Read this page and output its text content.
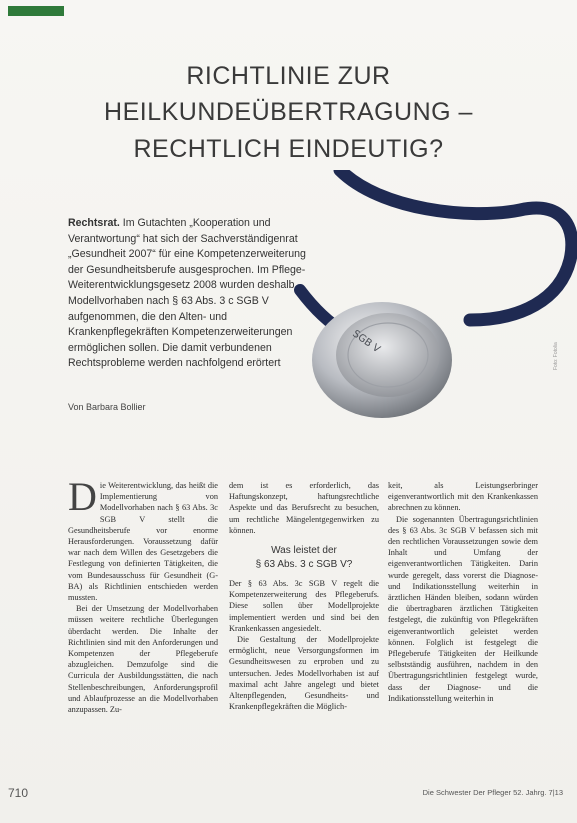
RICHTLINIE ZUR
HEILKUNDEÜBERTRAGUNG –
RECHTLICH EINDEUTIG?
SGB V
Rechtsrat. Im Gutachten „Kooperation und Verantwortung“ hat sich der Sachverständigenrat „Gesundheit 2007“ für eine Kompetenzerweiterung der Gesundheitsberufe ausgesprochen. Im Pflege-Weiterentwicklungsgesetz 2008 wurden deshalb Modellvorhaben nach § 63 Abs. 3 c SGB V aufgenommen, die den Alten- und Krankenpflegekräften Kompetenzerweiterungen ermöglichen sollen. Die damit verbundenen Rechtsprobleme werden nachfolgend erörtert
Von Barbara Bollier
Foto: Fotolia

Die Weiterentwicklung, das heißt die Implementierung von Modellvorhaben nach § 63 Abs. 3c SGB V stellt die Gesundheitsberufe vor enorme Herausforderungen. Voraussetzung dafür war nach dem Willen des Gesetzgebers die Festlegung von definierten Tätigkeiten, die vom Bundesausschuss für Gesundheit (G-BA) als Richtlinien entschieden werden mussten.

Bei der Umsetzung der Modellvorhaben müssen weitere rechtliche Überlegungen überdacht werden. Die Inhalte der Richtlinien sind mit den Anforderungen und Kompetenzen der Pflegeberufe abzugleichen. Demzufolge sind die Curricula der Ausbildungsstätten, die nach Stellenbeschreibungen, Anforderungsprofil und Ablaufprozesse an die Modellvorhaben anzupassen. Zu-

dem ist es erforderlich, das Haftungskonzept, haftungsrechtliche Aspekte und das Berufsrecht zu besuchen, um rechtliche Mängelentgegenwirken zu können.

Was leistet der
§ 63 Abs. 3 c SGB V?

Der § 63 Abs. 3c SGB V regelt die Kompetenzerweiterung des Pflegeberufs. Diese sollen über Modellprojekte implementiert werden und sind bei den Krankenkassen angesiedelt.

Die Gestaltung der Modellprojekte ermöglicht, neue Versorgungsformen im Gesundheitswesen zu erproben und zu untersuchen. Jedes Modellvorhaben ist auf maximal acht Jahre angelegt und bietet Altenpflegenden, Gesundheits- und Krankenpflegekräften die Möglich-

keit, als Leistungserbringer eigenverantwortlich mit den Krankenkassen abrechnen zu können.

Die sogenannten Übertragungsrichtlinien des § 63 Abs. 3c SGB V befassen sich mit den rechtlichen Voraussetzungen sowie dem Inhalt und Umfang der eigenverantwortlichen Tätigkeiten. Darin wurde geregelt, dass vorerst die Diagnose- und Indikationsstellung weiterhin in ärztlichen Händen bleiben, sodann würden die übertragbaren ärztlichen Tätigkeiten festgelegt, die zukünftig von Pflegekräften eigenverantwortlich geleistet werden können. Folglich ist festgelegt die Pflegeberufe Tätigkeiten der Heilkunde selbstständig ausführen, nachdem in den Übertragungsrichtlinien festgelegt wurde, dass der Diagnose- und die Indikationsstellung weiterhin in

710	Die Schwester Der Pfleger 52. Jahrg. 7|13
